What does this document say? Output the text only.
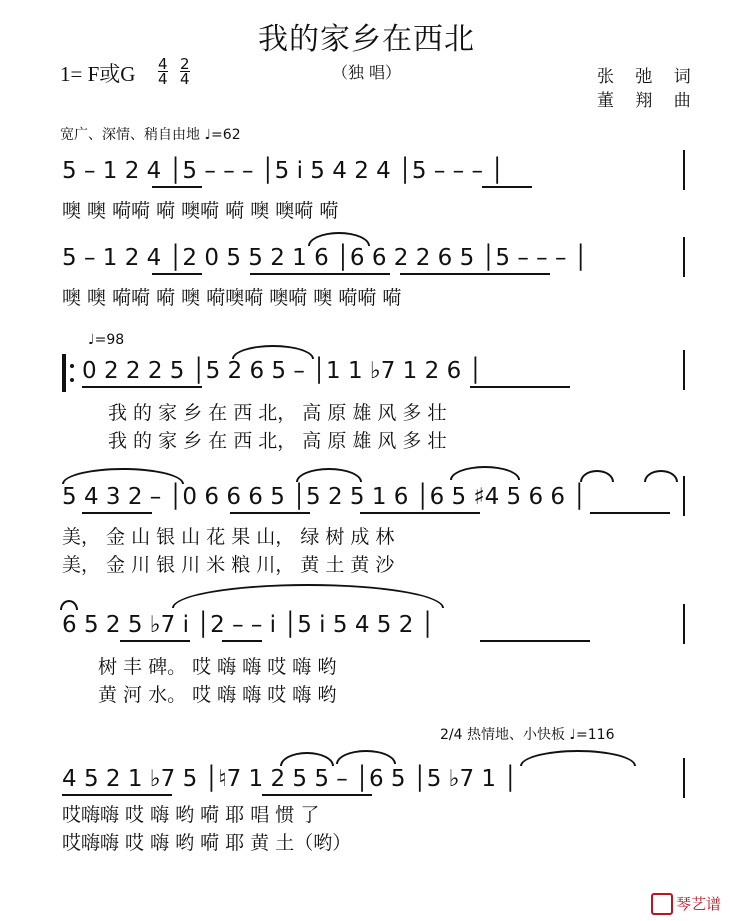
我的家乡在西北
（独 唱）
1= F或G $\frac{4}{4} \frac{2}{4}$	张 弛 词
董 翔 曲
宽广、深情、稍自由地 ♩=62
5 – 1 2 4 │5 – – – │5 i 5 4 2 4 │5 – – – │
噢 噢 嗬嗬 嗬 噢嗬 嗬 噢 噢嗬 嗬
5 – 1 2 4 │2 0 5 5 2 1 6 │6 6 2 2 6 5 │5 – – – │
噢 噢 嗬嗬 嗬 噢 嗬噢嗬 噢嗬 噢 嗬嗬 嗬
♩=98
0 2 2 2 5 │5 2 6 5 – │1 1 ♭7 1 2 6 │
我 的 家 乡 在 西 北， 高 原 雄 风 多 壮
我 的 家 乡 在 西 北， 高 原 雄 风 多 壮
5 4 3 2 – │0 6 6 6 5 │5 2 5 1 6 │6 5 ♯4 5 6 6 │
美， 金 山 银 山 花 果 山， 绿 树 成 林
美， 金 川 银 川 米 粮 川， 黄 土 黄 沙
6 5 2 5 ♭7 i │2 – – i │5 i 5 4 5 2 │
树 丰 碑。 哎 嗨 嗨 哎 嗨 哟
黄 河 水。 哎 嗨 嗨 哎 嗨 哟
2/4 热情地、小快板 ♩=116
4 5 2 1 ♭7 5 │♮7 1 2 5 5 – │6 5 │5 ♭7 1 │
哎嗨嗨 哎 嗨 哟 嗬 耶 唱 惯 了
哎嗨嗨 哎 嗨 哟 嗬 耶 黄 土（哟）
琴艺谱
